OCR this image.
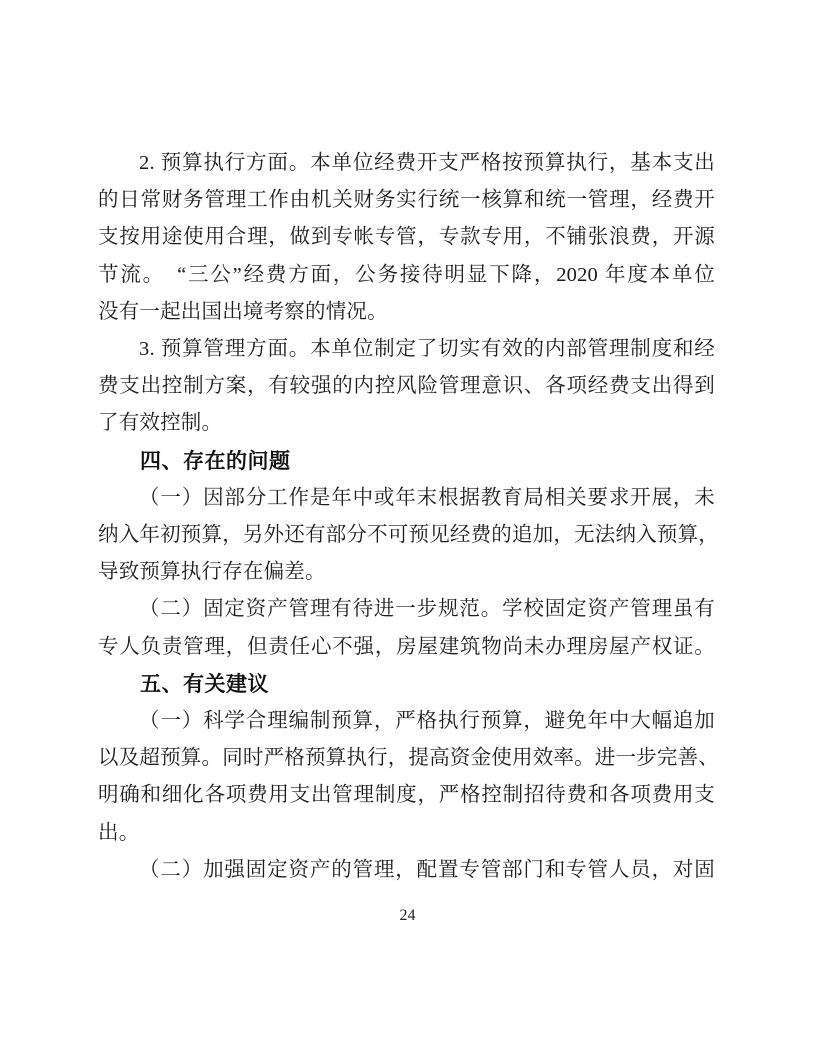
2. 预算执行方面。本单位经费开支严格按预算执行，基本支出
的日常财务管理工作由机关财务实行统一核算和统一管理，经费开
支按用途使用合理，做到专帐专管，专款专用，不铺张浪费，开源
节流。　“三公”经费方面，公务接待明显下降，2020 年度本单位
没有一起出国出境考察的情况。
3. 预算管理方面。本单位制定了切实有效的内部管理制度和经
费支出控制方案，有较强的内控风险管理意识、各项经费支出得到
了有效控制。
四、存在的问题
（一）因部分工作是年中或年末根据教育局相关要求开展，未
纳入年初预算，另外还有部分不可预见经费的追加，无法纳入预算，
导致预算执行存在偏差。
（二）固定资产管理有待进一步规范。学校固定资产管理虽有
专人负责管理，但责任心不强，房屋建筑物尚未办理房屋产权证。
五、有关建议
（一）科学合理编制预算，严格执行预算，避免年中大幅追加
以及超预算。同时严格预算执行，提高资金使用效率。进一步完善、
明确和细化各项费用支出管理制度，严格控制招待费和各项费用支
出。
（二）加强固定资产的管理，配置专管部门和专管人员，对固
24
